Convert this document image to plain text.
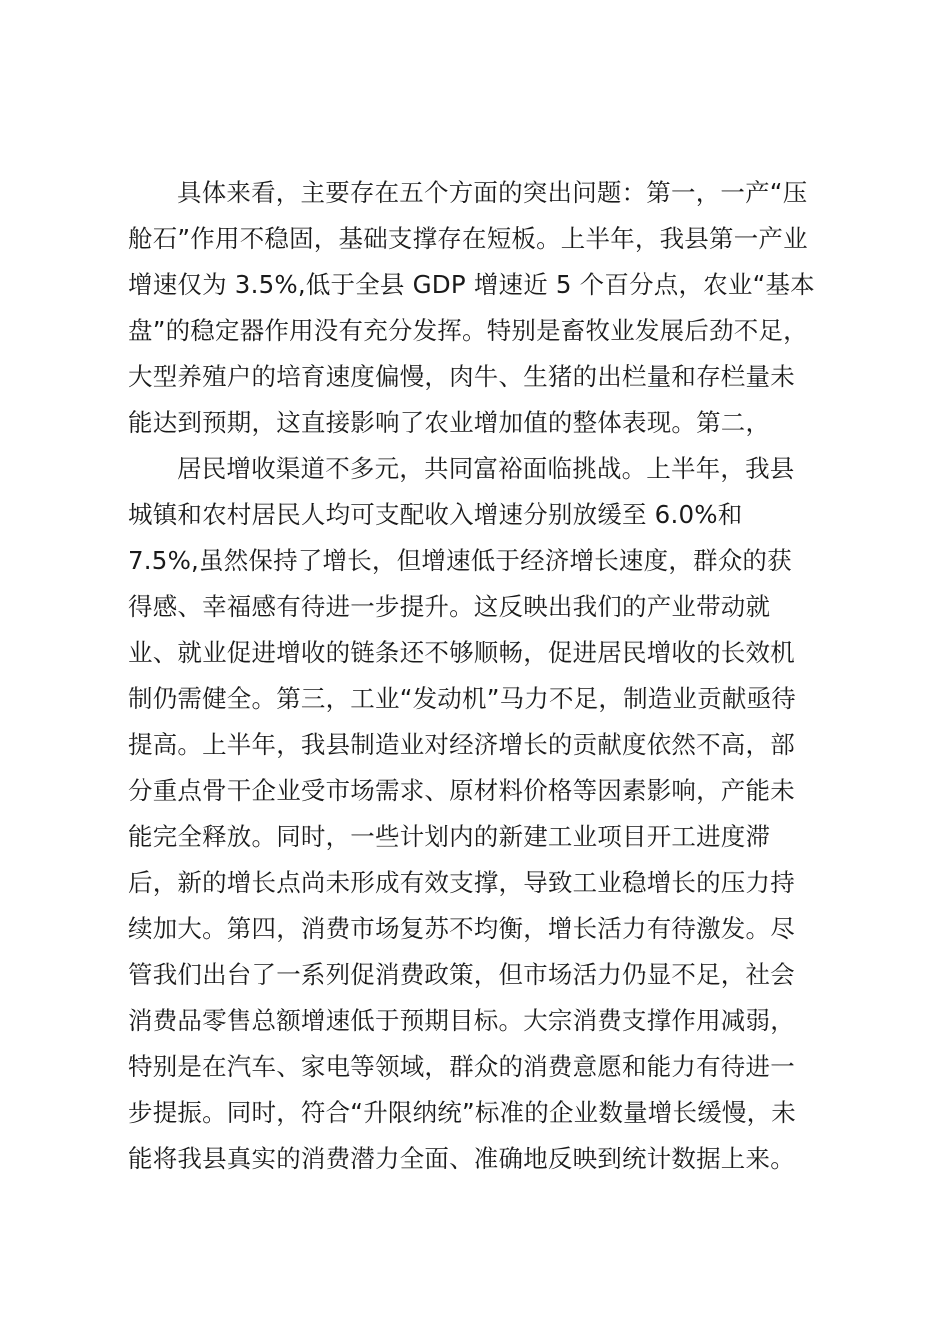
具体来看，主要存在五个方面的突出问题：第一，一产“压
舱石”作用不稳固，基础支撑存在短板。上半年，我县第一产业
增速仅为 3.5%,低于全县 GDP 增速近 5 个百分点，农业“基本
盘”的稳定器作用没有充分发挥。特别是畜牧业发展后劲不足，
大型养殖户的培育速度偏慢，肉牛、生猪的出栏量和存栏量未
能达到预期，这直接影响了农业增加值的整体表现。第二，
居民增收渠道不多元，共同富裕面临挑战。上半年，我县
城镇和农村居民人均可支配收入增速分别放缓至 6.0%和
7.5%,虽然保持了增长，但增速低于经济增长速度，群众的获
得感、幸福感有待进一步提升。这反映出我们的产业带动就
业、就业促进增收的链条还不够顺畅，促进居民增收的长效机
制仍需健全。第三，工业“发动机”马力不足，制造业贡献亟待
提高。上半年，我县制造业对经济增长的贡献度依然不高，部
分重点骨干企业受市场需求、原材料价格等因素影响，产能未
能完全释放。同时，一些计划内的新建工业项目开工进度滞
后，新的增长点尚未形成有效支撑，导致工业稳增长的压力持
续加大。第四，消费市场复苏不均衡，增长活力有待激发。尽
管我们出台了一系列促消费政策，但市场活力仍显不足，社会
消费品零售总额增速低于预期目标。大宗消费支撑作用减弱，
特别是在汽车、家电等领域，群众的消费意愿和能力有待进一
步提振。同时，符合“升限纳统”标准的企业数量增长缓慢，未
能将我县真实的消费潜力全面、准确地反映到统计数据上来。
